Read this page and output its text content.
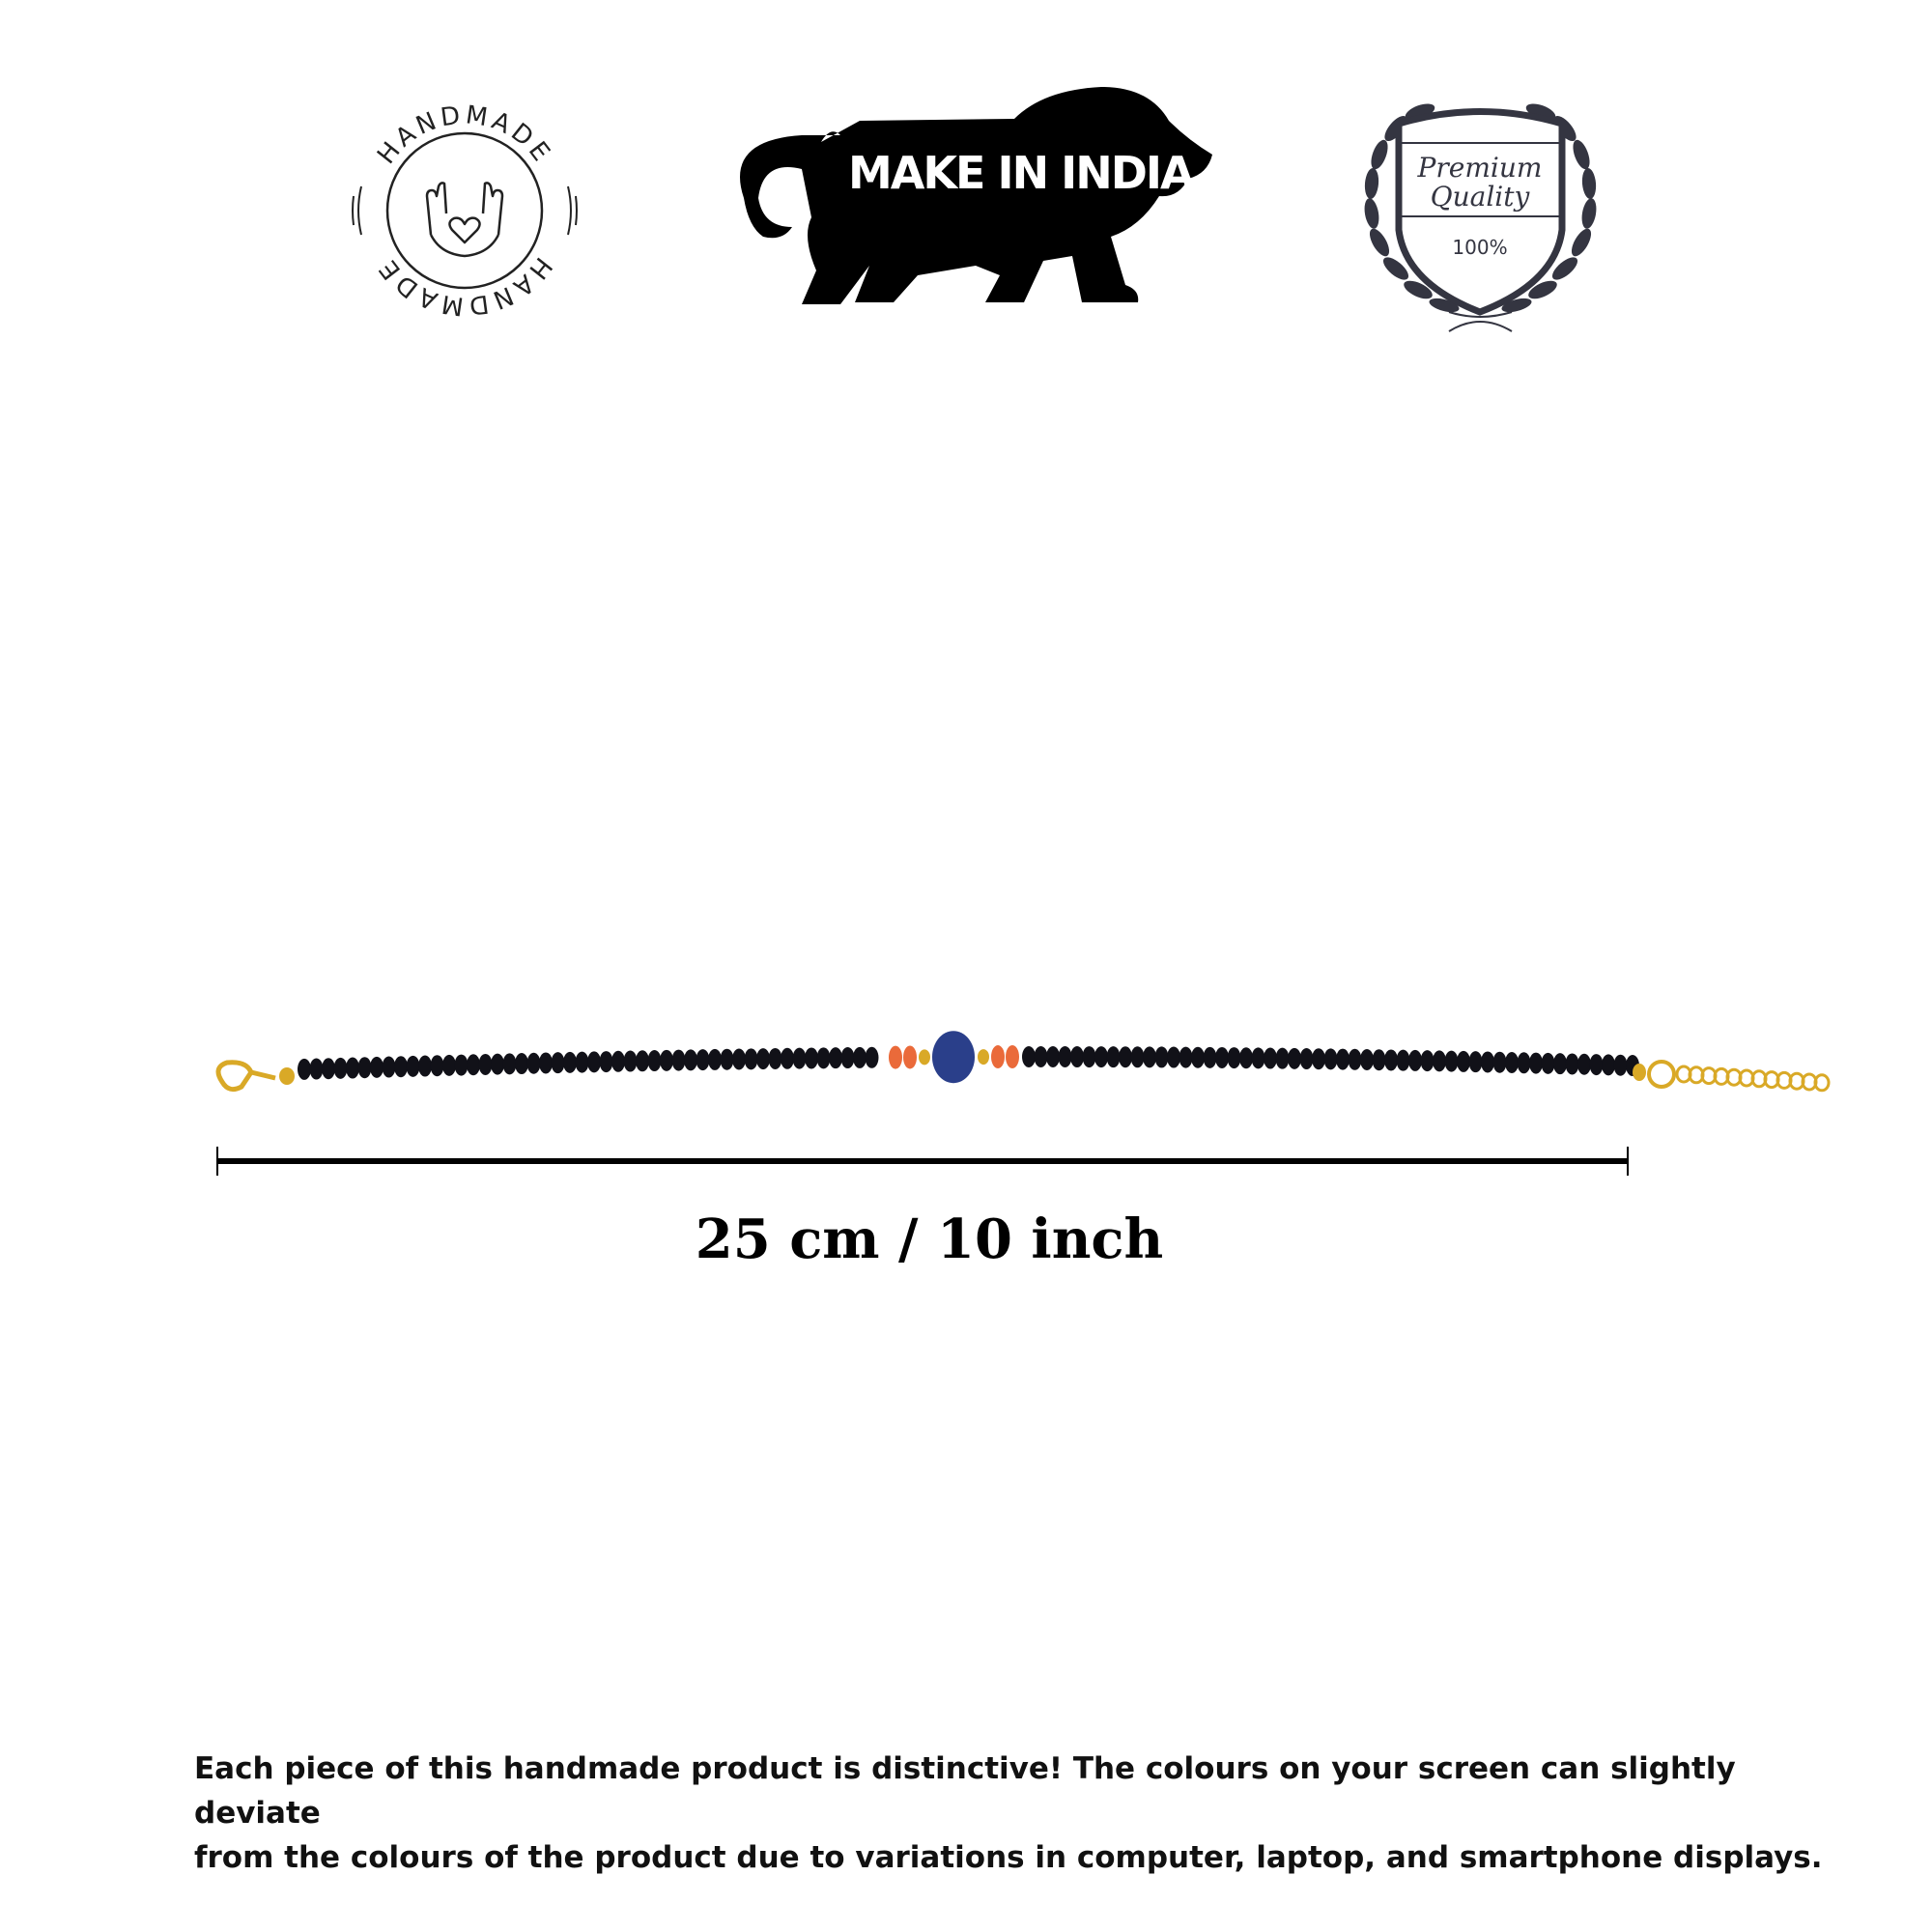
HANDMADE
HANDMADE
MAKE IN INDIA	Premium
Quality
100%
25 cm / 10 inch
Each piece of this handmade product is distinctive! The colours on your screen can slightly deviate
from the colours of the product due to variations in computer, laptop, and smartphone displays.
